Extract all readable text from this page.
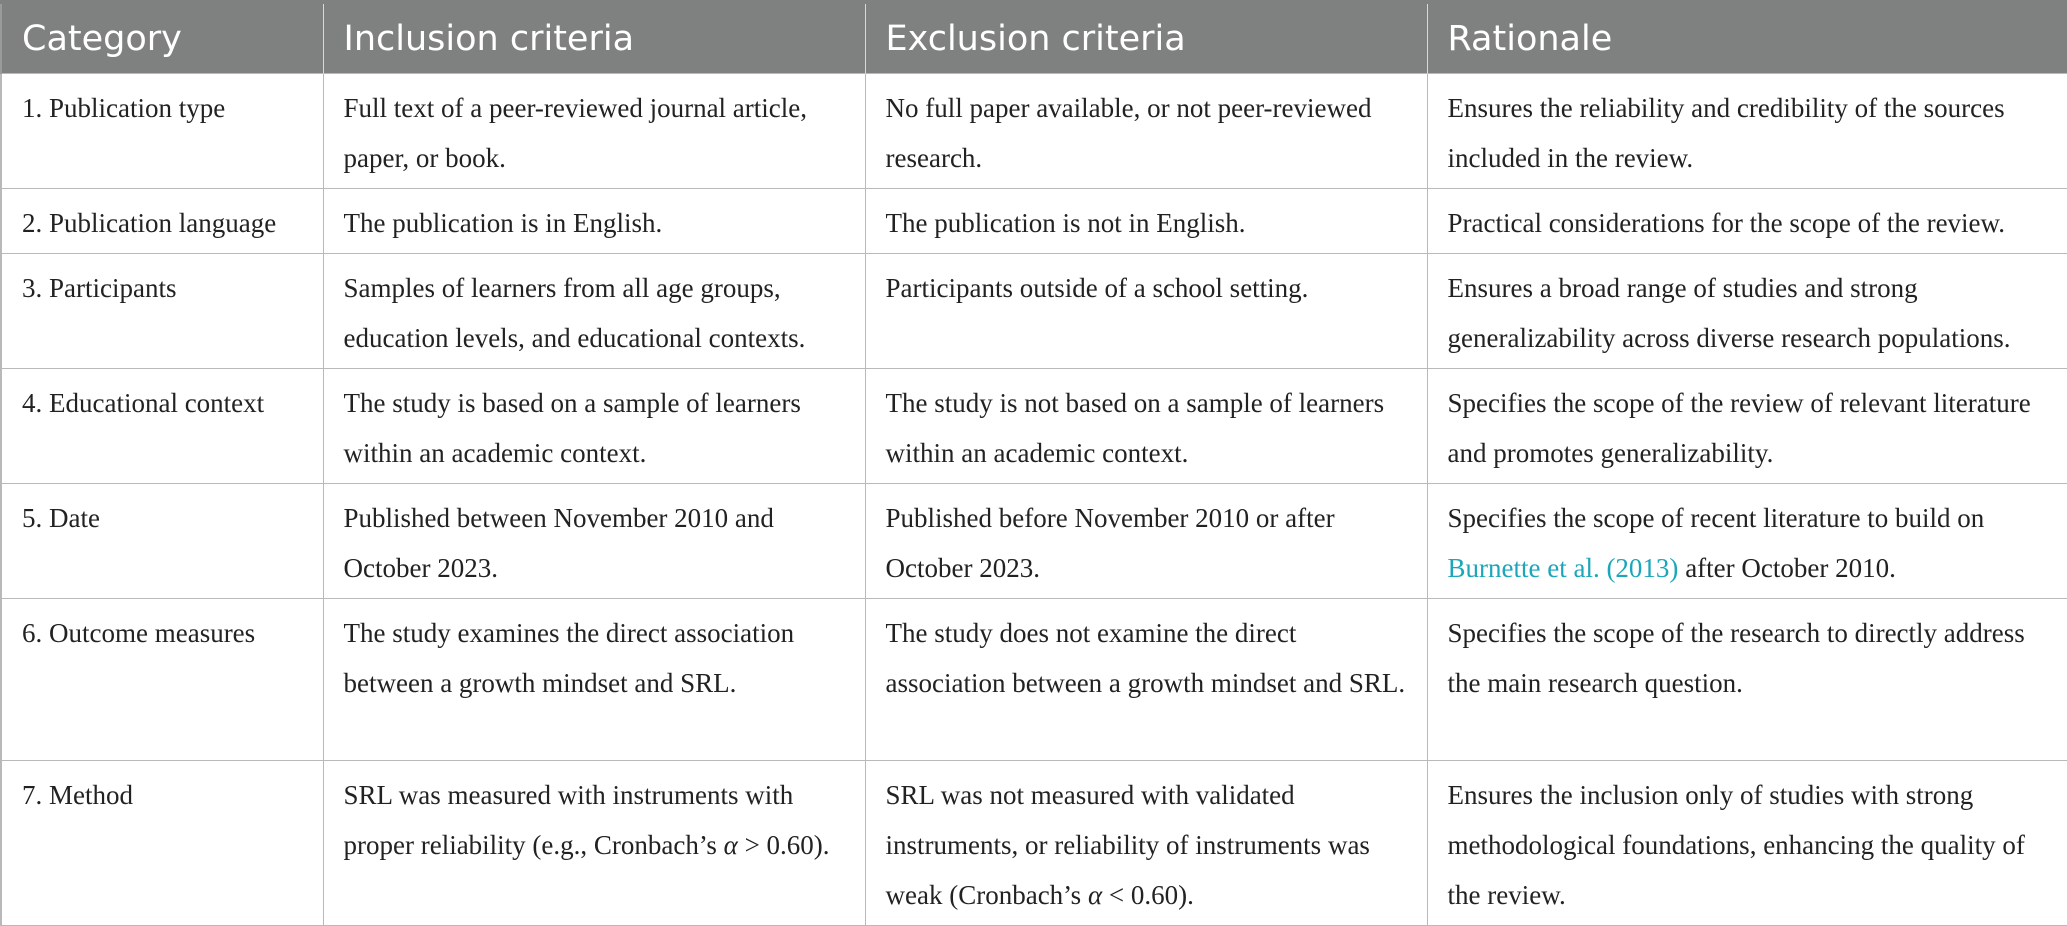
Category	Inclusion criteria	Exclusion criteria	Rationale
1. Publication type	Full text of a peer-reviewed journal article, paper, or book.	No full paper available, or not peer-reviewed research.	Ensures the reliability and credibility of the sources included in the review.
2. Publication language	The publication is in English.	The publication is not in English.	Practical considerations for the scope of the review.
3. Participants	Samples of learners from all age groups, education levels, and educational contexts.	Participants outside of a school setting.	Ensures a broad range of studies and strong generalizability across diverse research populations.
4. Educational context	The study is based on a sample of learners within an academic context.	The study is not based on a sample of learners within an academic context.	Specifies the scope of the review of relevant literature and promotes generalizability.
5. Date	Published between November 2010 and October 2023.	Published before November 2010 or after October 2023.	Specifies the scope of recent literature to build on Burnette et al. (2013) after October 2010.
6. Outcome measures	The study examines the direct association between a growth mindset and SRL.	The study does not examine the direct association between a growth mindset and SRL.	Specifies the scope of the research to directly address the main research question.
7. Method	SRL was measured with instruments with proper reliability (e.g., Cronbach’s α > 0.60).	SRL was not measured with validated instruments, or reliability of instruments was weak (Cronbach’s α < 0.60).	Ensures the inclusion only of studies with strong methodological foundations, enhancing the quality of the review.
